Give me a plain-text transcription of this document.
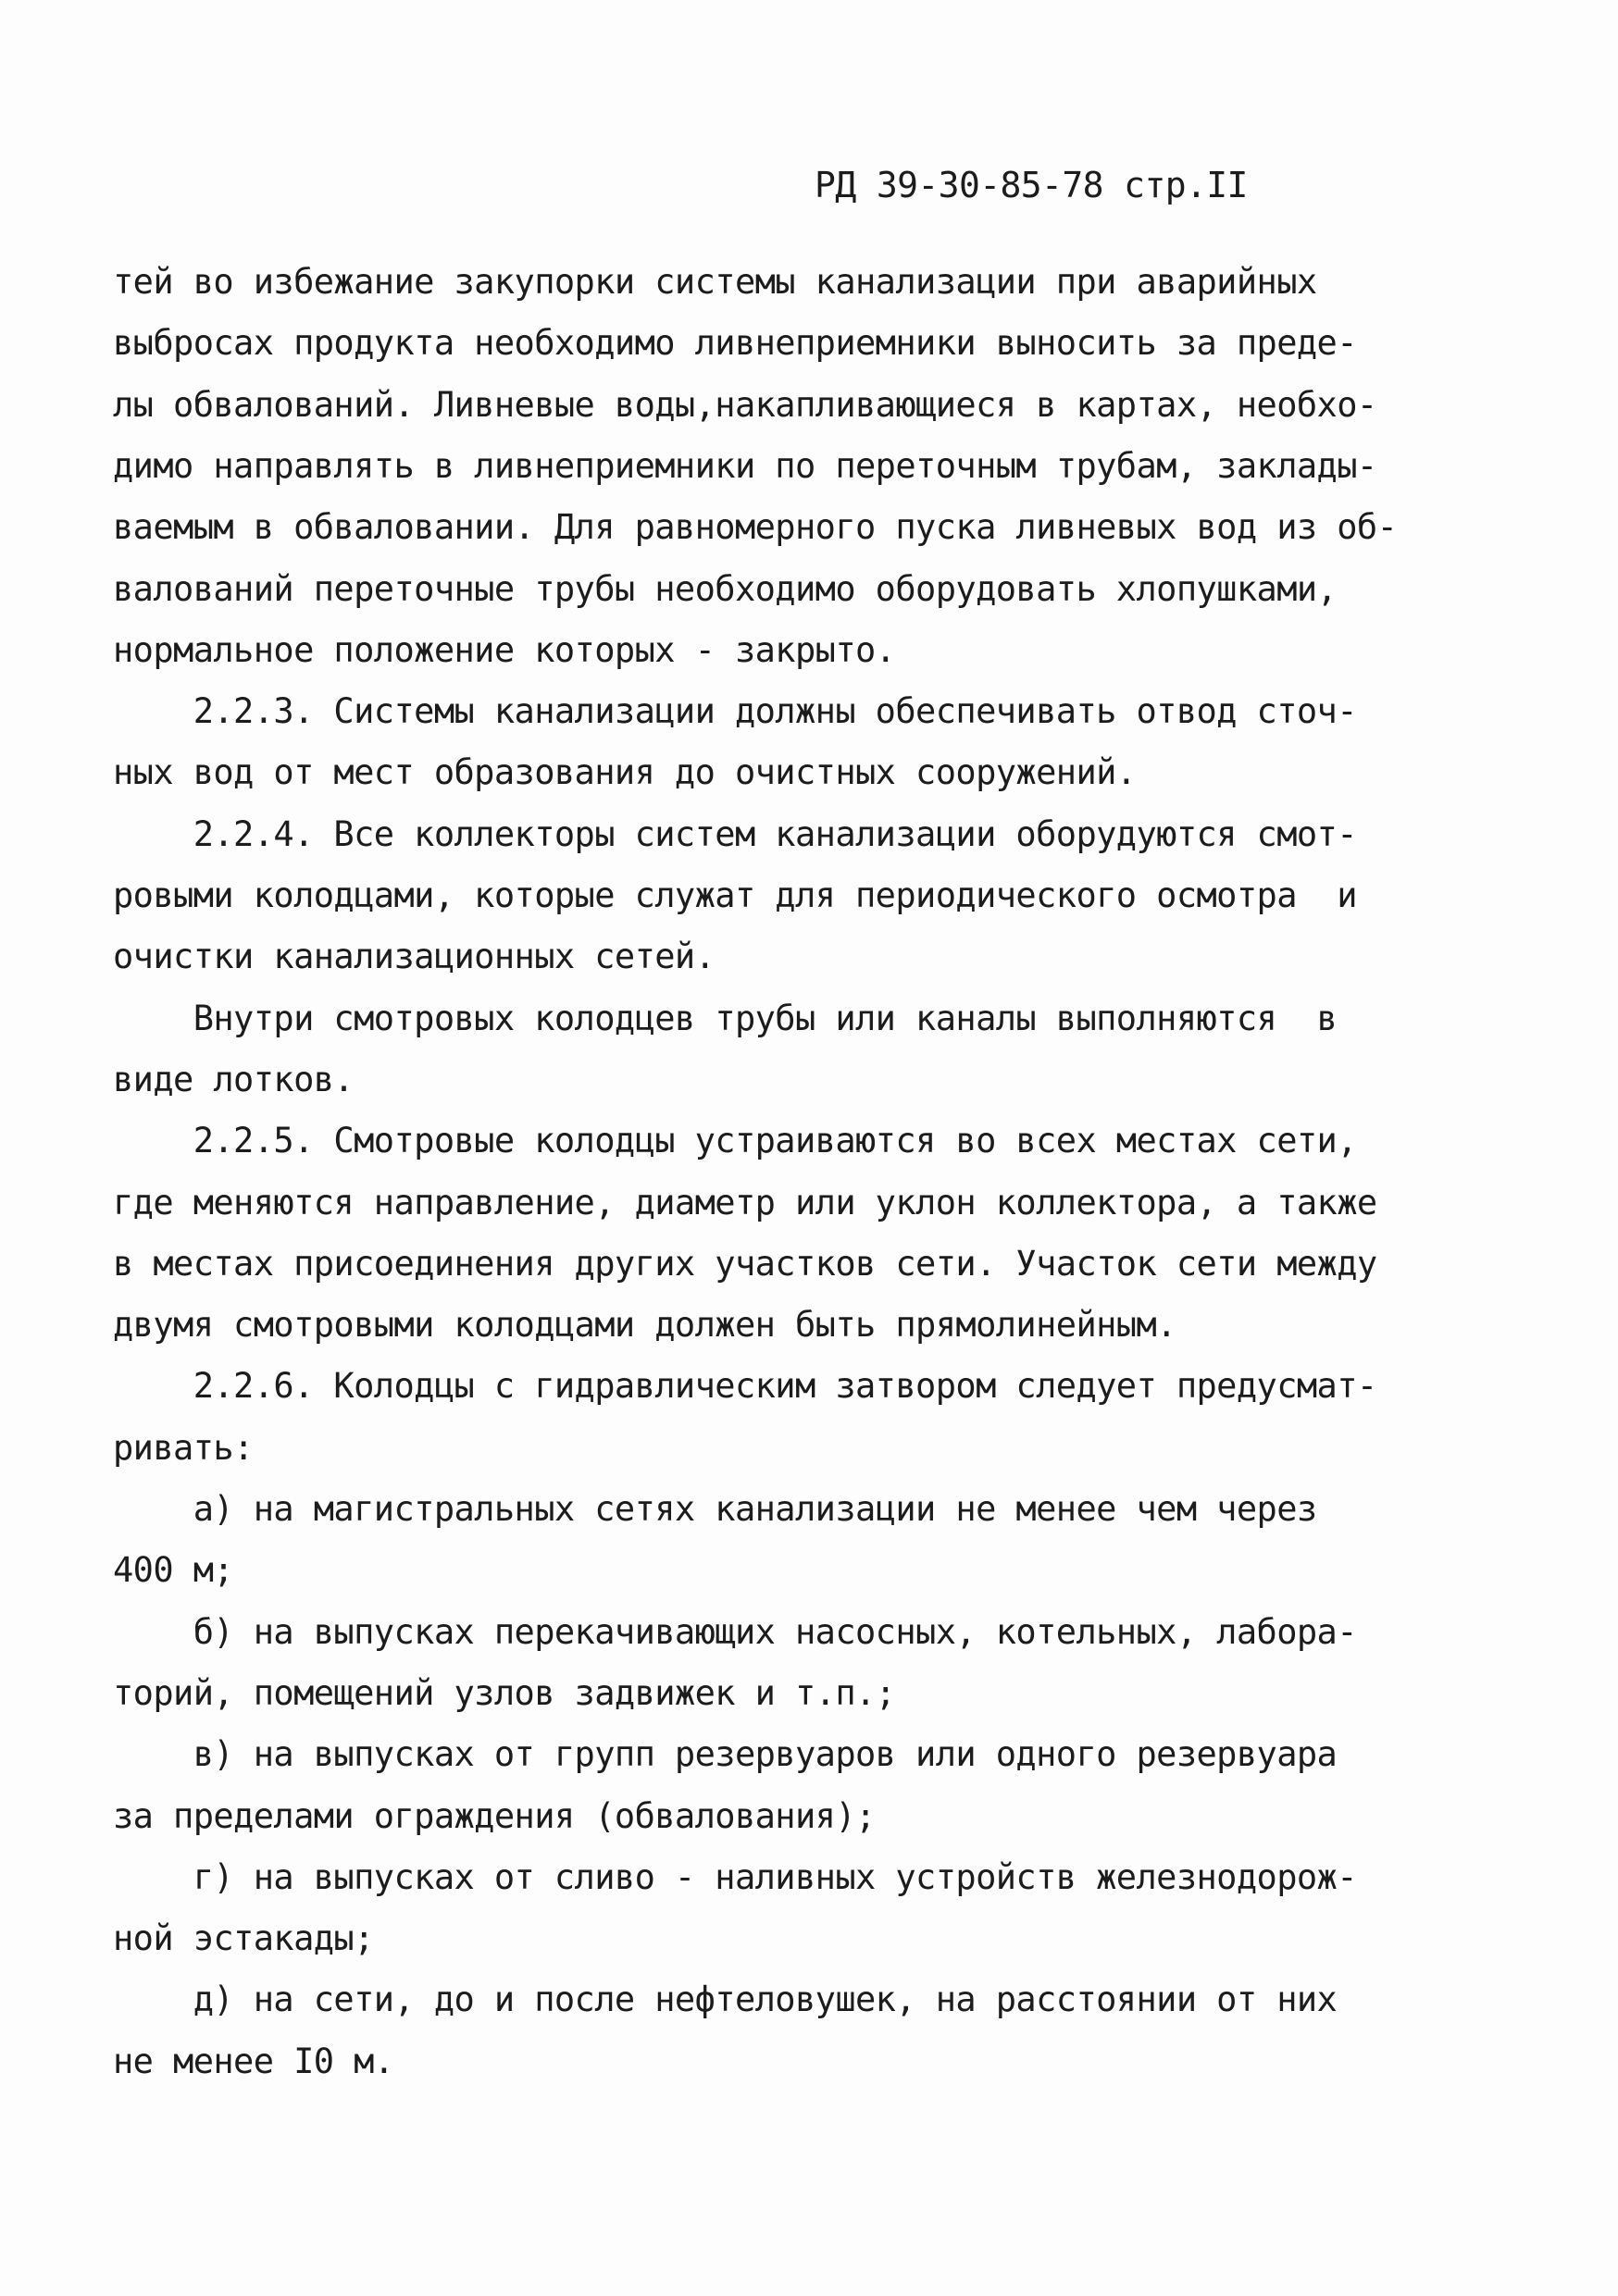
РД 39-30-85-78 стр.II
тей во избежание закупорки системы канализации при аварийных
выбросах продукта необходимо ливнеприемники выносить за преде-
лы обвалований. Ливневые воды,накапливающиеся в картах, необхо-
димо направлять в ливнеприемники по переточным трубам, заклады-
ваемым в обваловании. Для равномерного пуска ливневых вод из об-
валований переточные трубы необходимо оборудовать хлопушками,
нормальное положение которых - закрыто.
2.2.3. Системы канализации должны обеспечивать отвод сточ-
ных вод от мест образования до очистных сооружений.
2.2.4. Все коллекторы систем канализации оборудуются смот-
ровыми колодцами, которые служат для периодического осмотра  и
очистки канализационных сетей.
Внутри смотровых колодцев трубы или каналы выполняются  в
виде лотков.
2.2.5. Смотровые колодцы устраиваются во всех местах сети,
где меняются направление, диаметр или уклон коллектора, а также
в местах присоединения других участков сети. Участок сети между
двумя смотровыми колодцами должен быть прямолинейным.
2.2.6. Колодцы с гидравлическим затвором следует предусмат-
ривать:
а) на магистральных сетях канализации не менее чем через
400 м;
б) на выпусках перекачивающих насосных, котельных, лабора-
торий, помещений узлов задвижек и т.п.;
в) на выпусках от групп резервуаров или одного резервуара
за пределами ограждения (обвалования);
г) на выпусках от сливо - наливных устройств железнодорож-
ной эстакады;
д) на сети, до и после нефтеловушек, на расстоянии от них
не менее I0 м.
